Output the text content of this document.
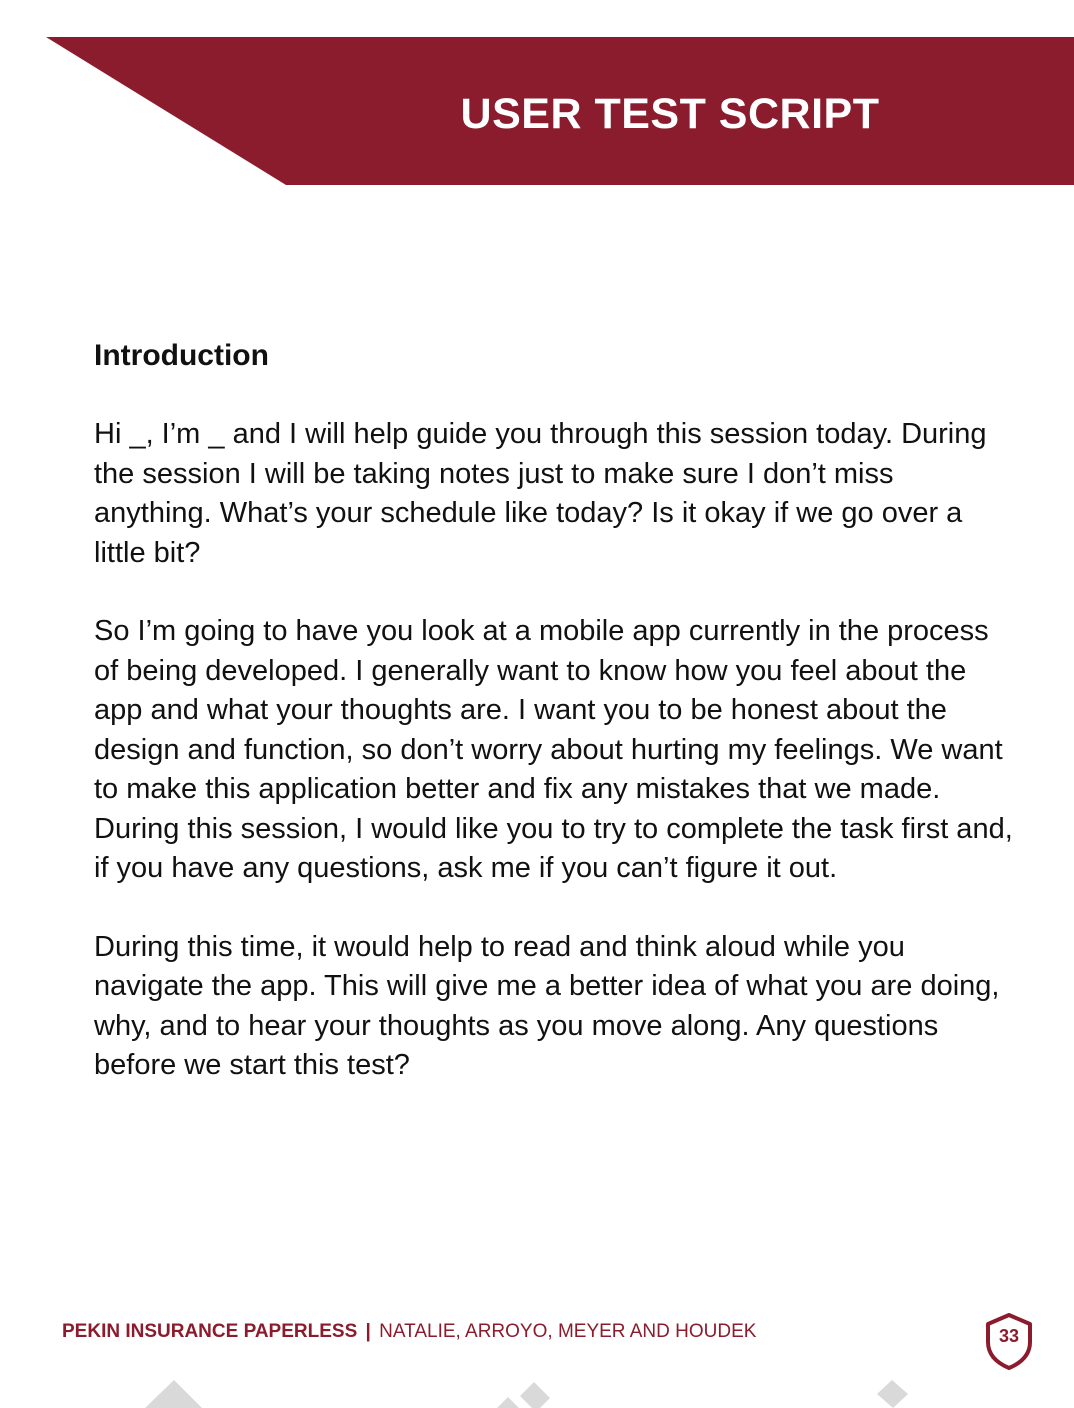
USER TEST SCRIPT
Introduction

Hi _, I’m _ and I will help guide you through this session today. During the session I will be taking notes just to make sure I don’t miss anything. What’s your schedule like today? Is it okay if we go over a little bit?

So I’m going to have you look at a mobile app currently in the process of being developed. I generally want to know how you feel about the app and what your thoughts are. I want you to be honest about the design and function, so don’t worry about hurting my feelings. We want to make this application better and fix any mistakes that we made. During this session, I would like you to try to complete the task first and, if you have any questions, ask me if you can’t figure it out.

During this time, it would help to read and think aloud while you navigate the app. This will give me a better idea of what you are doing, why, and to hear your thoughts as you move along. Any questions before we start this test?

PEKIN INSURANCE PAPERLESS | NATALIE, ARROYO, MEYER AND HOUDEK	33
